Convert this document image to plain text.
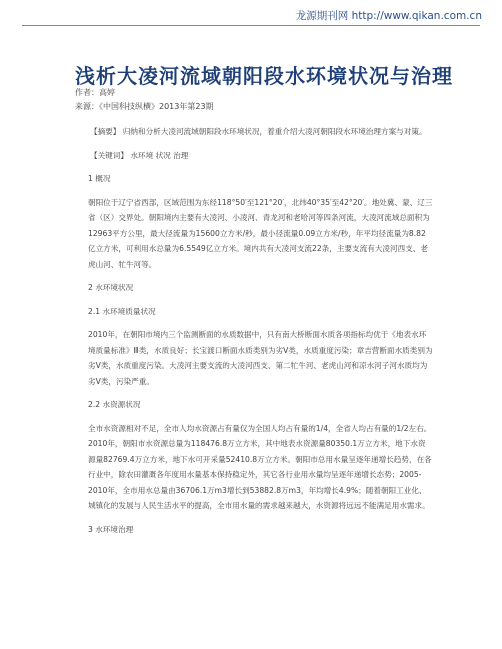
龙源期刊网 http://www.qikan.com.cn
浅析大凌河流域朝阳段水环境状况与治理
作者：高婷
来源：《中国科技纵横》2013年第23期

【摘要】 归纳和分析大凌河流域朝阳段水环境状况，着重介绍大凌河朝阳段水环境治理方案与对策。

【关键词】 水环境 状况 治理

1 概况

朝阳位于辽宁省西部，区域范围为东经118°50′至121°20′，北纬40°35′至42°20′。地处冀、蒙、辽三省（区）交界处。朝阳境内主要有大凌河、小凌河、青龙河和老哈河等四条河流，大凌河流域总面积为12963平方公里，最大径流量为15600立方米/秒，最小径流量0.09立方米/秒，年平均径流量为8.82亿立方米，可利用水总量为6.5549亿立方米。境内共有大凌河支流22条，主要支流有大凌河西支、老虎山河、牤牛河等。

2 水环境状况

2.1 水环境质量状况

2010年，在朝阳市境内三个监测断面的水质数据中，只有南大桥断面水质各项指标均优于《地表水环境质量标准》Ⅲ类，水质良好；长宝渡口断面水质类别为劣Ⅴ类，水质重度污染；章吉营断面水质类别为劣Ⅴ类，水质重度污染。大凌河主要支流的大凌河西支、第二牤牛河、老虎山河和凉水河子河水质均为劣Ⅴ类，污染严重。

2.2 水资源状况

全市水资源相对不足，全市人均水资源占有量仅为全国人均占有量的1/4，全省人均占有量的1/2左右。2010年，朝阳市水资源总量为118476.8万立方米，其中地表水资源量80350.1万立方米，地下水资源量82769.4万立方米，地下水可开采量52410.8万立方米。朝阳市总用水量呈逐年递增长趋势，在各行业中，除农田灌溉各年度用水量基本保持稳定外，其它各行业用水量均呈逐年递增长态势；2005-2010年，全市用水总量由36706.1万m3增长到53882.8万m3，年均增长4.9%；随着朝阳工业化、城镇化的发展与人民生活水平的提高，全市用水量的需求越来越大，水资源将远远不能满足用水需求。

3 水环境治理
